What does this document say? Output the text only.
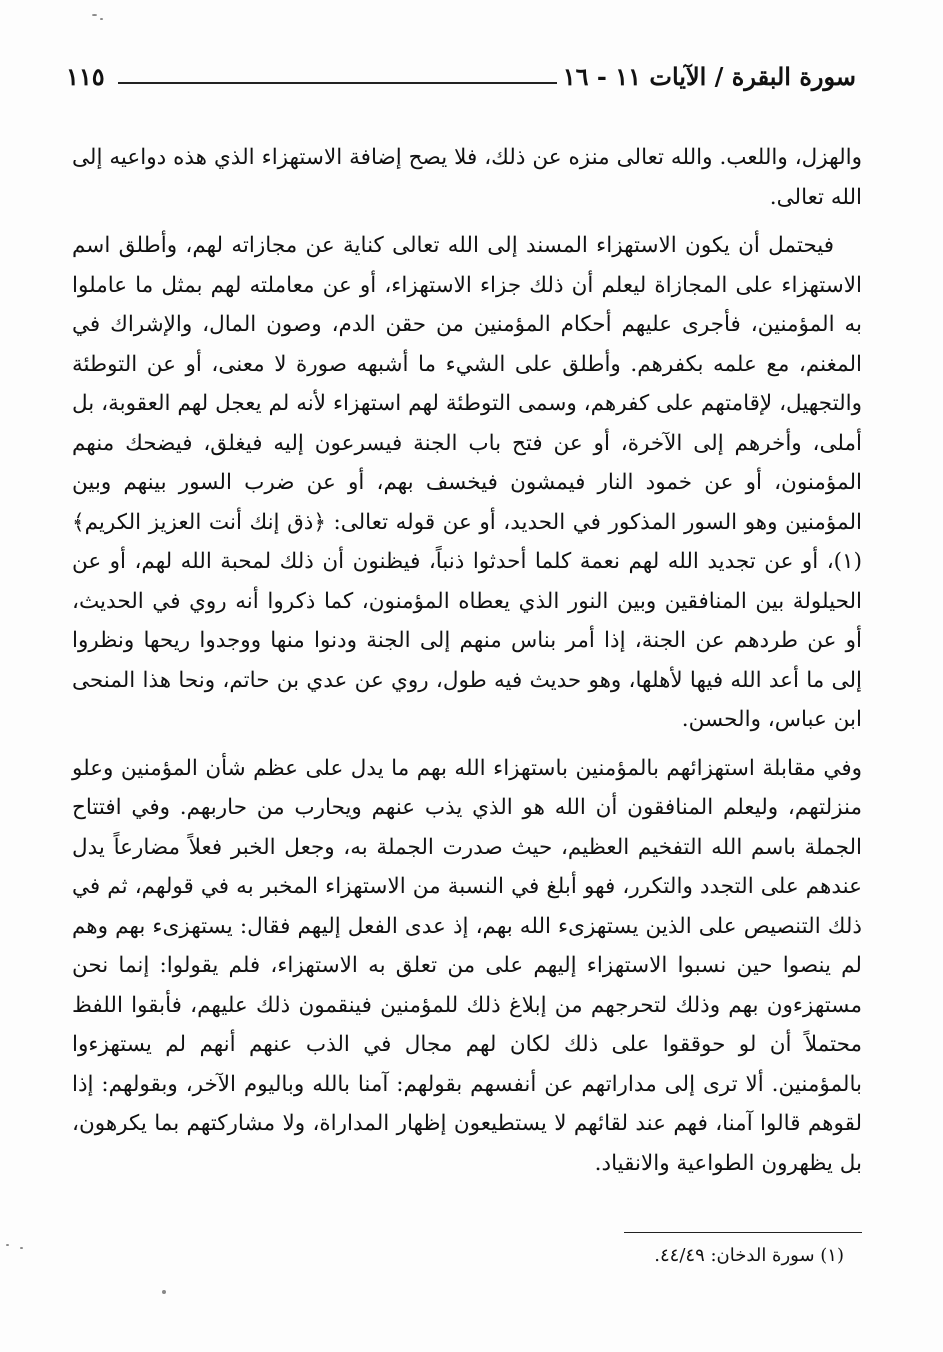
سورة البقرة / الآيات ١١ - ١٦
١١٥

والهزل، واللعب. والله تعالى منزه عن ذلك، فلا يصح إضافة الاستهزاء الذي هذه دواعيه إلى الله تعالى.

فيحتمل أن يكون الاستهزاء المسند إلى الله تعالى كناية عن مجازاته لهم، وأطلق اسم الاستهزاء على المجازاة ليعلم أن ذلك جزاء الاستهزاء، أو عن معاملته لهم بمثل ما عاملوا به المؤمنين، فأجرى عليهم أحكام المؤمنين من حقن الدم، وصون المال، والإشراك في المغنم، مع علمه بكفرهم. وأطلق على الشيء ما أشبهه صورة لا معنى، أو عن التوطئة والتجهيل، لإقامتهم على كفرهم، وسمى التوطئة لهم استهزاء لأنه لم يعجل لهم العقوبة، بل أملى، وأخرهم إلى الآخرة، أو عن فتح باب الجنة فيسرعون إليه فيغلق، فيضحك منهم المؤمنون، أو عن خمود النار فيمشون فيخسف بهم، أو عن ضرب السور بينهم وبين المؤمنين وهو السور المذكور في الحديد، أو عن قوله تعالى: ﴿ذق إنك أنت العزيز الكريم﴾(١)، أو عن تجديد الله لهم نعمة كلما أحدثوا ذنباً، فيظنون أن ذلك لمحبة الله لهم، أو عن الحيلولة بين المنافقين وبين النور الذي يعطاه المؤمنون، كما ذكروا أنه روي في الحديث، أو عن طردهم عن الجنة، إذا أمر بناس منهم إلى الجنة ودنوا منها ووجدوا ريحها ونظروا إلى ما أعد الله فيها لأهلها، وهو حديث فيه طول، روي عن عدي بن حاتم، ونحا هذا المنحى ابن عباس، والحسن.

وفي مقابلة استهزائهم بالمؤمنين باستهزاء الله بهم ما يدل على عظم شأن المؤمنين وعلو منزلتهم، وليعلم المنافقون أن الله هو الذي يذب عنهم ويحارب من حاربهم. وفي افتتاح الجملة باسم الله التفخيم العظيم، حيث صدرت الجملة به، وجعل الخبر فعلاً مضارعاً يدل عندهم على التجدد والتكرر، فهو أبلغ في النسبة من الاستهزاء المخبر به في قولهم، ثم في ذلك التنصيص على الذين يستهزىء الله بهم، إذ عدى الفعل إليهم فقال: يستهزىء بهم وهم لم ينصوا حين نسبوا الاستهزاء إليهم على من تعلق به الاستهزاء، فلم يقولوا: إنما نحن مستهزءون بهم وذلك لتحرجهم من إبلاغ ذلك للمؤمنين فينقمون ذلك عليهم، فأبقوا اللفظ محتملاً أن لو حوققوا على ذلك لكان لهم مجال في الذب عنهم أنهم لم يستهزءوا بالمؤمنين. ألا ترى إلى مداراتهم عن أنفسهم بقولهم: آمنا بالله وباليوم الآخر، وبقولهم: إذا لقوهم قالوا آمنا، فهم عند لقائهم لا يستطيعون إظهار المداراة، ولا مشاركتهم بما يكرهون، بل يظهرون الطواعية والانقياد.

(١) سورة الدخان: ٤٤/٤٩.
